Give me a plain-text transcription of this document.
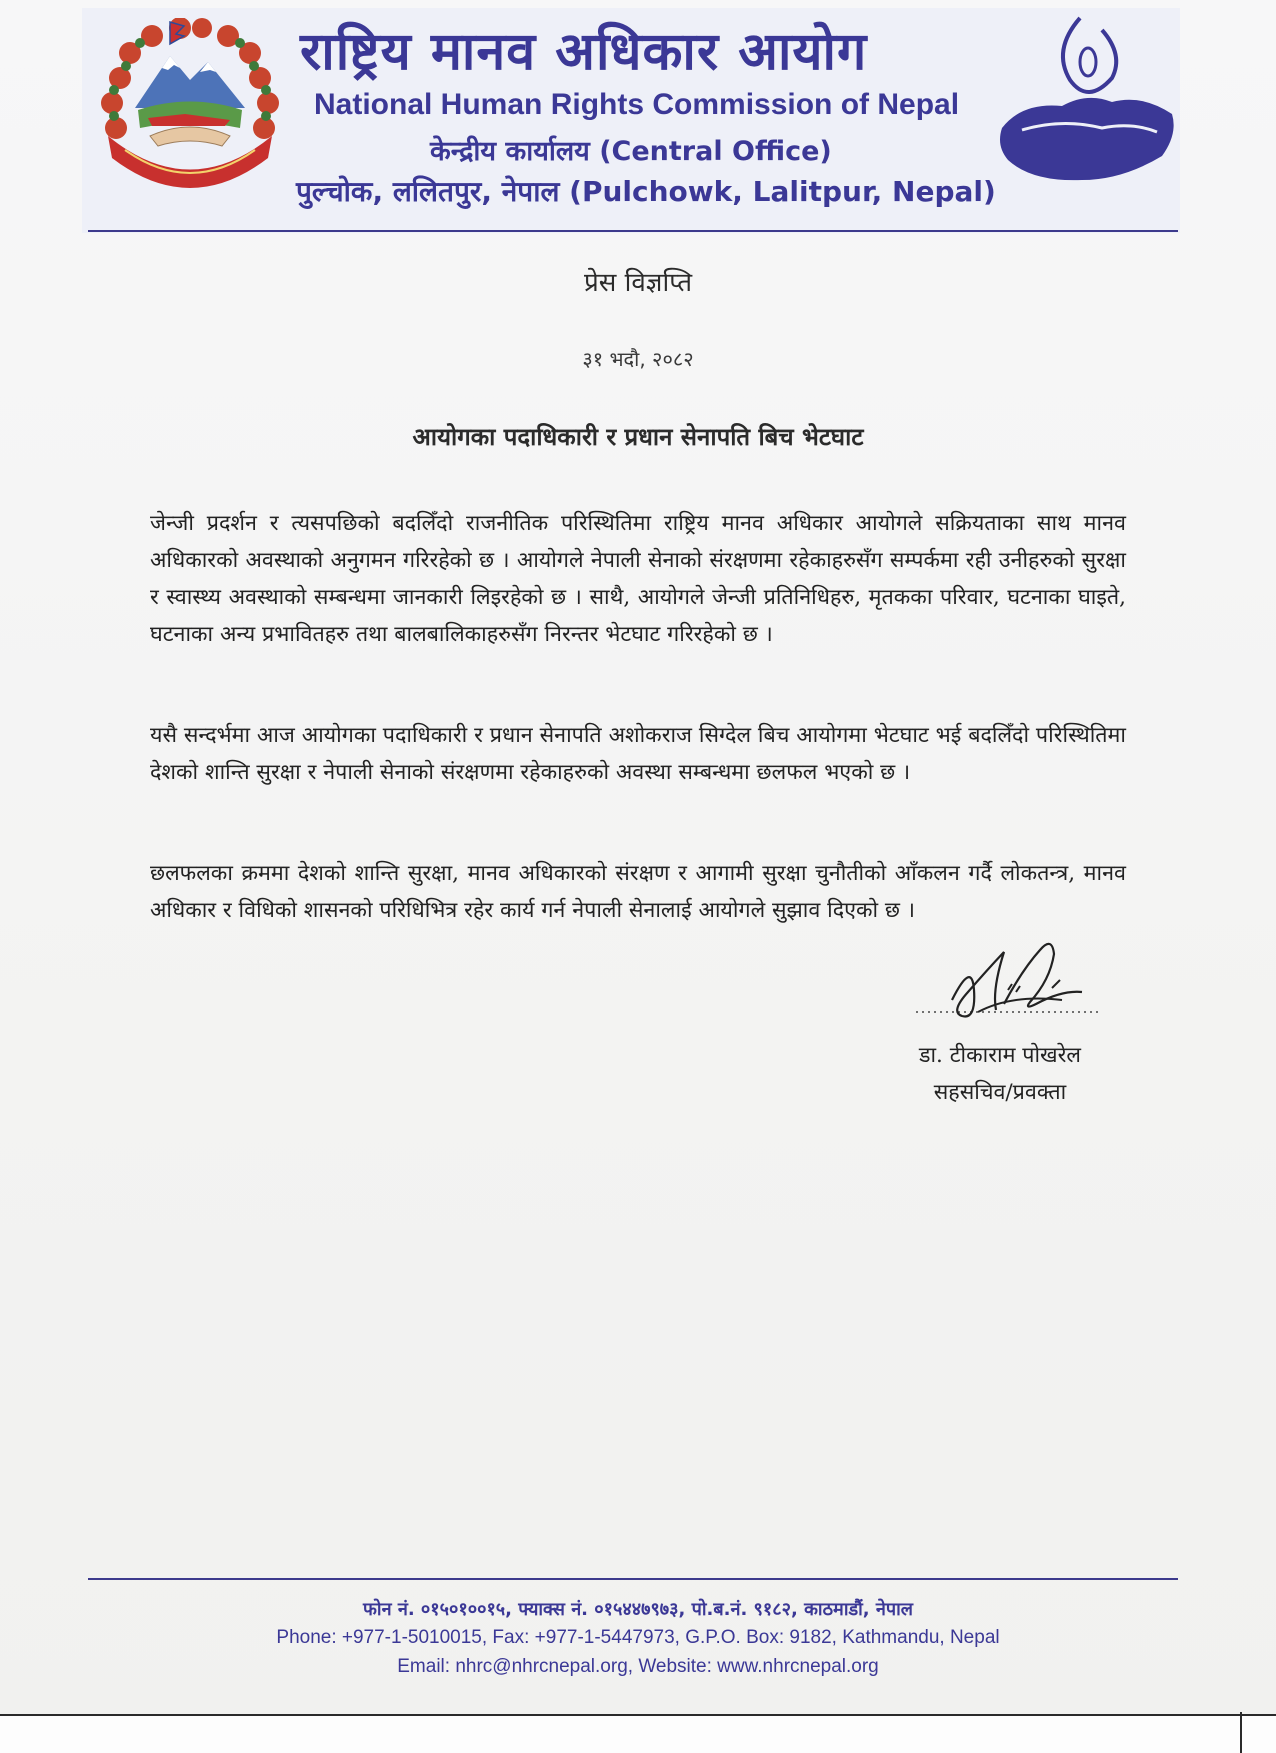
राष्ट्रिय मानव अधिकार आयोग
National Human Rights Commission of Nepal
केन्द्रीय कार्यालय (Central Office)
पुल्चोक, ललितपुर, नेपाल (Pulchowk, Lalitpur, Nepal)
प्रेस विज्ञप्ति
३१ भदौ, २०८२
आयोगका पदाधिकारी र प्रधान सेनापति बिच भेटघाट
जेन्जी प्रदर्शन र त्यसपछिको बदलिँदो राजनीतिक परिस्थितिमा राष्ट्रिय मानव अधिकार आयोगले सक्रियताका साथ मानव अधिकारको अवस्थाको अनुगमन गरिरहेको छ । आयोगले नेपाली सेनाको संरक्षणमा रहेकाहरुसँग सम्पर्कमा रही उनीहरुको सुरक्षा र स्वास्थ्य अवस्थाको सम्बन्धमा जानकारी लिइरहेको छ । साथै, आयोगले जेन्जी प्रतिनिधिहरु, मृतकका परिवार, घटनाका घाइते, घटनाका अन्य प्रभावितहरु तथा बालबालिकाहरुसँग निरन्तर भेटघाट गरिरहेको छ ।
यसै सन्दर्भमा आज आयोगका पदाधिकारी र प्रधान सेनापति अशोकराज सिग्देल बिच आयोगमा भेटघाट भई बदलिँदो परिस्थितिमा देशको शान्ति सुरक्षा र नेपाली सेनाको संरक्षणमा रहेकाहरुको अवस्था सम्बन्धमा छलफल भएको छ ।
छलफलका क्रममा देशको शान्ति सुरक्षा, मानव अधिकारको संरक्षण र आगामी सुरक्षा चुनौतीको आँकलन गर्दै लोकतन्त्र, मानव अधिकार र विधिको शासनको परिधिभित्र रहेर कार्य गर्न नेपाली सेनालाई आयोगले सुझाव दिएको छ ।
डा. टीकाराम पोखरेल
सहसचिव/प्रवक्ता
फोन नं. ०१५०१००१५, फ्याक्स नं. ०१५४४७९७३, पो.ब.नं. ९१८२, काठमाडौं, नेपाल
Phone: +977-1-5010015, Fax: +977-1-5447973, G.P.O. Box: 9182, Kathmandu, Nepal
Email: nhrc@nhrcnepal.org, Website: www.nhrcnepal.org
